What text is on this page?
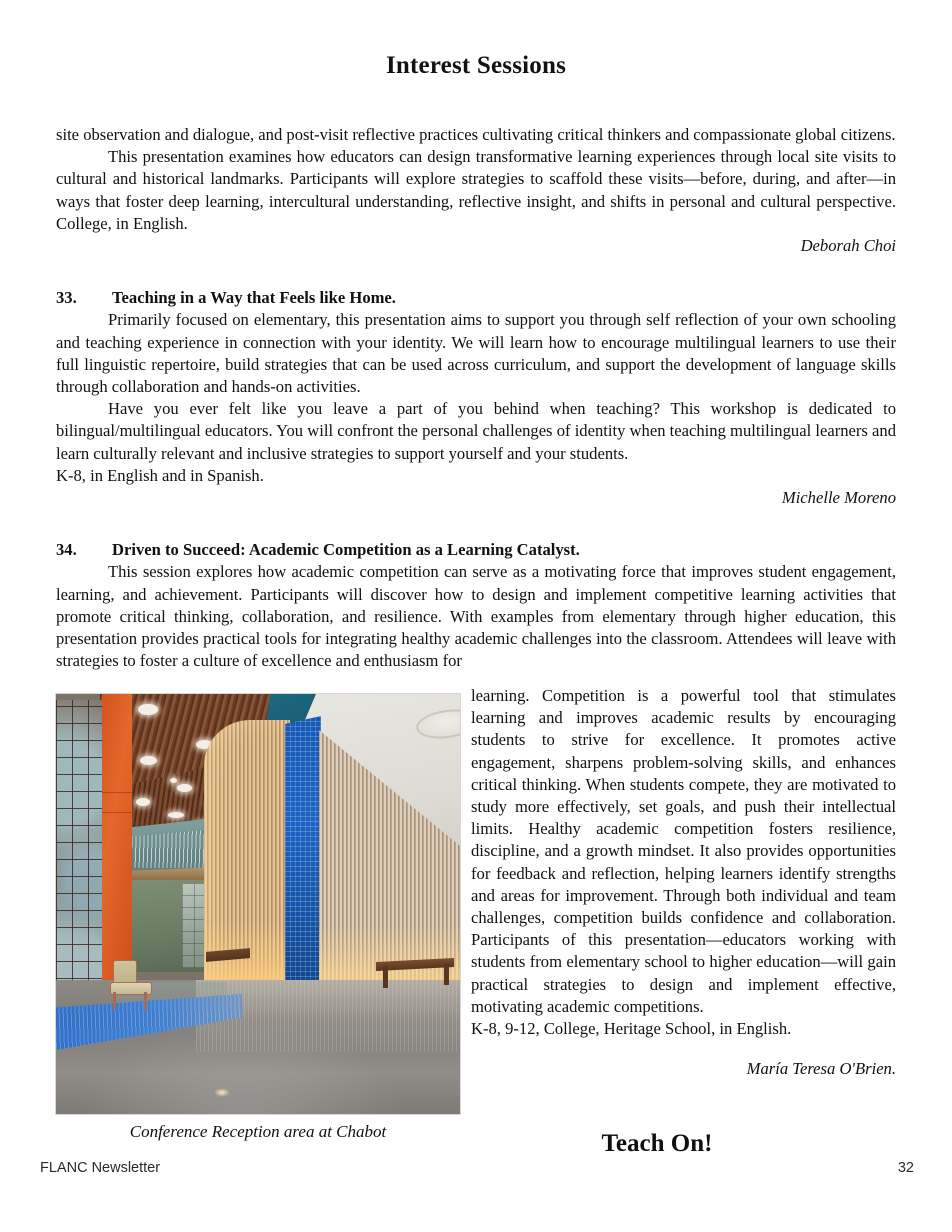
Interest Sessions

site observation and dialogue, and post-visit reflective practices cultivating critical thinkers and compassionate global citizens.

This presentation examines how educators can design transformative learning experiences through local site visits to cultural and historical landmarks. Participants will explore strategies to scaffold these visits—before, during, and after—in ways that foster deep learning, intercultural understanding, reflective insight, and shifts in personal and cultural perspective. College, in English.

Deborah Choi

33. Teaching in a Way that Feels like Home.

Primarily focused on elementary, this presentation aims to support you through self reflection of your own schooling and teaching experience in connection with your identity. We will learn how to encourage multilingual learners to use their full linguistic repertoire, build strategies that can be used across curriculum, and support the development of language skills through collaboration and hands-on activities.

Have you ever felt like you leave a part of you behind when teaching? This workshop is dedicated to bilingual/multilingual educators. You will confront the personal challenges of identity when teaching multilingual learners and learn culturally relevant and inclusive strategies to support yourself and your students.

K-8, in English and in Spanish.

Michelle Moreno

34. Driven to Succeed: Academic Competition as a Learning Catalyst.

This session explores how academic competition can serve as a motivating force that improves student engagement, learning, and achievement. Participants will discover how to design and implement competitive learning activities that promote critical thinking, collaboration, and resilience. With examples from elementary through higher education, this presentation provides practical tools for integrating healthy academic challenges into the classroom. Attendees will leave with strategies to foster a culture of excellence and enthusiasm for

Conference Reception area at Chabot

learning. Competition is a powerful tool that stimulates learning and improves academic results by encouraging students to strive for excellence. It promotes active engagement, sharpens problem-solving skills, and enhances critical thinking. When students compete, they are motivated to study more effectively, set goals, and push their intellectual limits. Healthy academic competition fosters resilience, discipline, and a growth mindset. It also provides opportunities for feedback and reflection, helping learners identify strengths and areas for improvement. Through both individual and team challenges, competition builds confidence and collaboration. Participants of this presentation—educators working with students from elementary school to higher education—will gain practical strategies to design and implement effective, motivating academic competitions.

K-8, 9-12, College, Heritage School, in English.

María Teresa O'Brien.
Teach On!
FLANC Newsletter	32
